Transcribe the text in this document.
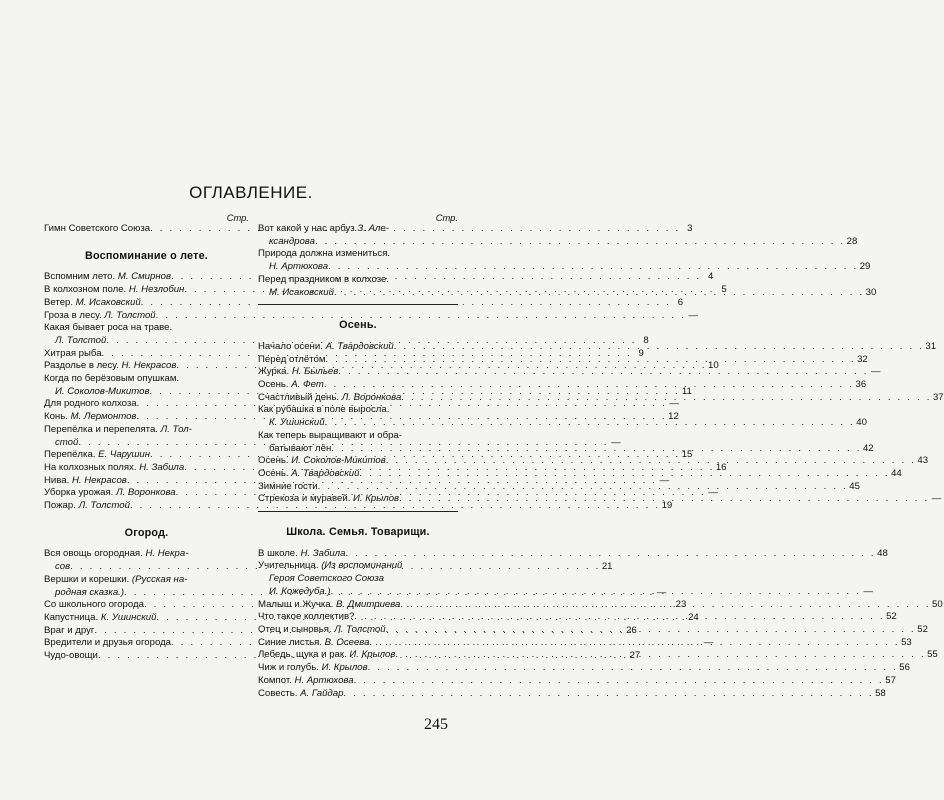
ОГЛАВЛЕНИЕ.
Стр.
Гимн Советского Союза . . .	3
Воспоминание о лете.
Вспомним лето. М. Смирнов . . .	4
В колхозном поле. Н. Незлобин . . .	5
Ветер. М. Исаковский . . .	6
Гроза в лесу. Л. Толстой . . .	—
Какая бывает роса на траве.
Л. Толстой . . .	8
Хитрая рыба . . .	9
Раздолье в лесу. Н. Некрасов . . .	10
Когда по берёзовым опушкам.
И. Соколов-Микитов . . .	11
Для родного колхоза . . .	—
Конь. М. Лермонтов . . .	12
Перепёлка и перепелята. Л. Тол-
стой . . .	—
Перепёлка. Е. Чарушин . . .	15
На колхозных полях. Н. Забила . . .	16
Нива. Н. Некрасов . . .	—
Уборка урожая. Л. Воронкова . . .	—
Пожар. Л. Толстой . . .	19
Огород.
Вся овощь огородная. Н. Некра-
сов . . .	21
Вершки и корешки. (Русская на-
родная сказка.) . . .	—
Со школьного огорода . . .	23
Капустница. К. Ушинский . . .	24
Враг и друг . . .	26
Вредители и друзья огорода . . .	—
Чудо-овощи . . .	27
Стр.
Вот какой у нас арбуз З. Але-
ксандрова . . .	28
Природа должна измениться.
Н. Артюхова . . .	29
Перед праздником в колхозе.
М. Исаковский . . .	30
Осень.
Начало осени. А. Твардовский . . .	31
Перед отлётом . . .	32
Журка. Н. Быльев . . .	—
Осень. А. Фет . . .	36
Счастливый день. Л. Воронкова . . .	37
Как рубашка в поле выросла.
К. Ушинский . . .	40
Как теперь выращивают и обра-
батывают лён . . .	42
Осень. И. Соколов-Микитов . . .	43
Осень. А. Твардовский . . .	44
Зимние гости . . .	45
Стрекоза и муравей. И. Крылов . . .	—
Школа. Семья. Товарищи.
В школе. Н. Забила . . .	48
Учительница. (Из воспоминаний
Героя Советского Союза
И. Кожедуба.) . . .	—
Малыш и Жучка. В. Дмитриева . . .	50
Что такое коллектив? . . .	52
Отец и сыновья. Л. Толстой . . .	52
Синие листья. В. Осеева . . .	53
Лебедь, щука и рак. И. Крылов . . .	55
Чиж и голубь. И. Крылов . . .	56
Компот. Н. Артюхова . . .	57
Совесть. А. Гайдар . . .	58
245
